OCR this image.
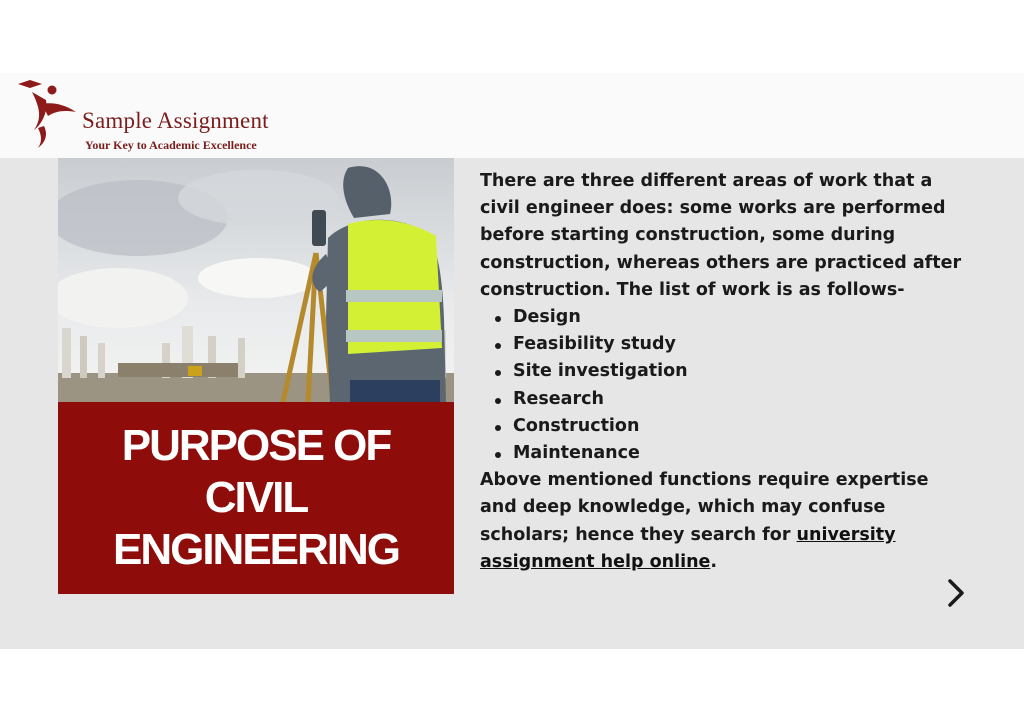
Sample Assignment
Your Key to Academic Excellence
PURPOSE OF
CIVIL
ENGINEERING

There are three different areas of work that a civil engineer does: some works are performed before starting construction, some during construction, whereas others are practiced after construction. The list of work is as follows-

Design
Feasibility study
Site investigation
Research
Construction
Maintenance

Above mentioned functions require expertise and deep knowledge, which may confuse scholars; hence they search for university assignment help online.
